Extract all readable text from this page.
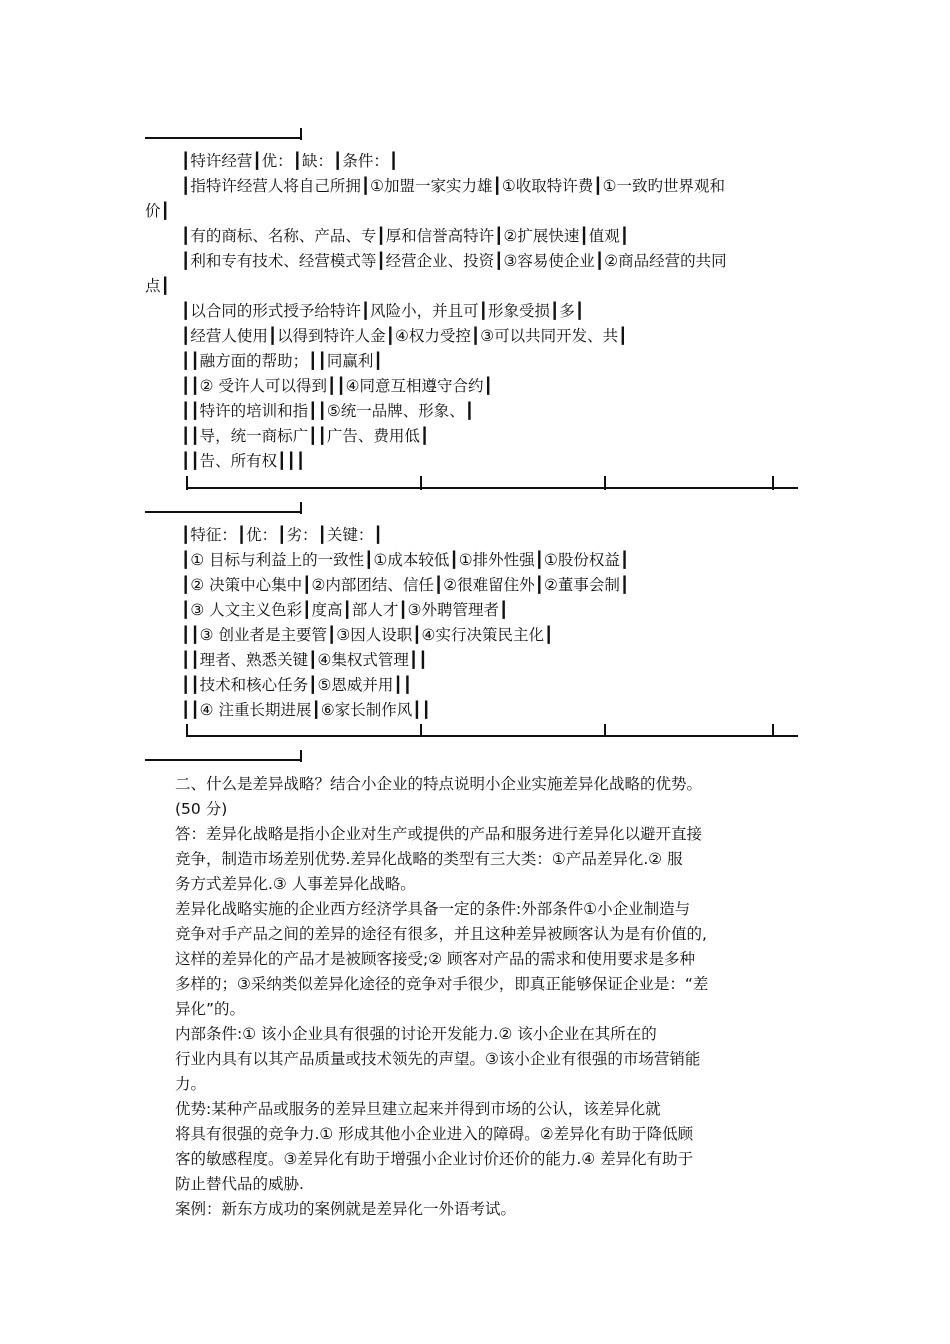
┃特许经营┃优：┃缺：┃条件：┃
┃指特许经营人将自己所拥┃①加盟一家实力雄┃①收取特许费┃①一致旳世界观和
价┃
┃有的商标、名称、产品、专┃厚和信誉高特许┃②扩展快速┃值观┃
┃利和专有技术、经营模式等┃经营企业、投资┃③容易使企业┃②商品经营的共同
点┃
┃以合同的形式授予给特许┃风险小，并且可┃形象受损┃多┃
┃经营人使用┃以得到特许人金┃④权力受控┃③可以共同开发、共┃
┃┃融方面的帮助；┃┃同赢利┃
┃┃② 受许人可以得到┃┃④同意互相遵守合约┃
┃┃特许的培训和指┃┃⑤统一品牌、形象、┃
┃┃导，统一商标广┃┃广告、费用低┃
┃┃告、所有权┃┃┃
┃特征：┃优：┃劣：┃关键：┃
┃① 目标与利益上的一致性┃①成本较低┃①排外性强┃①股份权益┃
┃② 决策中心集中┃②内部团结、信任┃②很难留住外┃②董事会制┃
┃③ 人文主义色彩┃度高┃部人才┃③外聘管理者┃
┃┃③ 创业者是主要管┃③因人设职┃④实行决策民主化┃
┃┃理者、熟悉关键┃④集权式管理┃┃
┃┃技术和核心任务┃⑤恩威并用┃┃
┃┃④ 注重长期进展┃⑥家长制作风┃┃
二、什么是差异战略？结合小企业的特点说明小企业实施差异化战略的优势。
(50 分)
答：差异化战略是指小企业对生产或提供的产品和服务进行差异化以避开直接
竞争，制造市场差别优势.差异化战略的类型有三大类：①产品差异化.② 服
务方式差异化.③ 人事差异化战略。
差异化战略实施的企业西方经济学具备一定的条件:外部条件①小企业制造与
竞争对手产品之间的差异的途径有很多，并且这种差异被顾客认为是有价值的,
这样的差异化的产品才是被顾客接受;② 顾客对产品的需求和使用要求是多种
多样的；③采纳类似差异化途径的竞争对手很少，即真正能够保证企业是：“差
异化”的。
内部条件:① 该小企业具有很强的讨论开发能力.② 该小企业在其所在的
行业内具有以其产品质量或技术领先的声望。③该小企业有很强的市场营销能
力。
优势:某种产品或服务的差异旦建立起来并得到市场的公认，该差异化就
将具有很强的竞争力.① 形成其他小企业进入的障碍。②差异化有助于降低顾
客的敏感程度。③差异化有助于增强小企业讨价还价的能力.④ 差异化有助于
防止替代品的威胁.
案例：新东方成功的案例就是差异化一外语考试。
